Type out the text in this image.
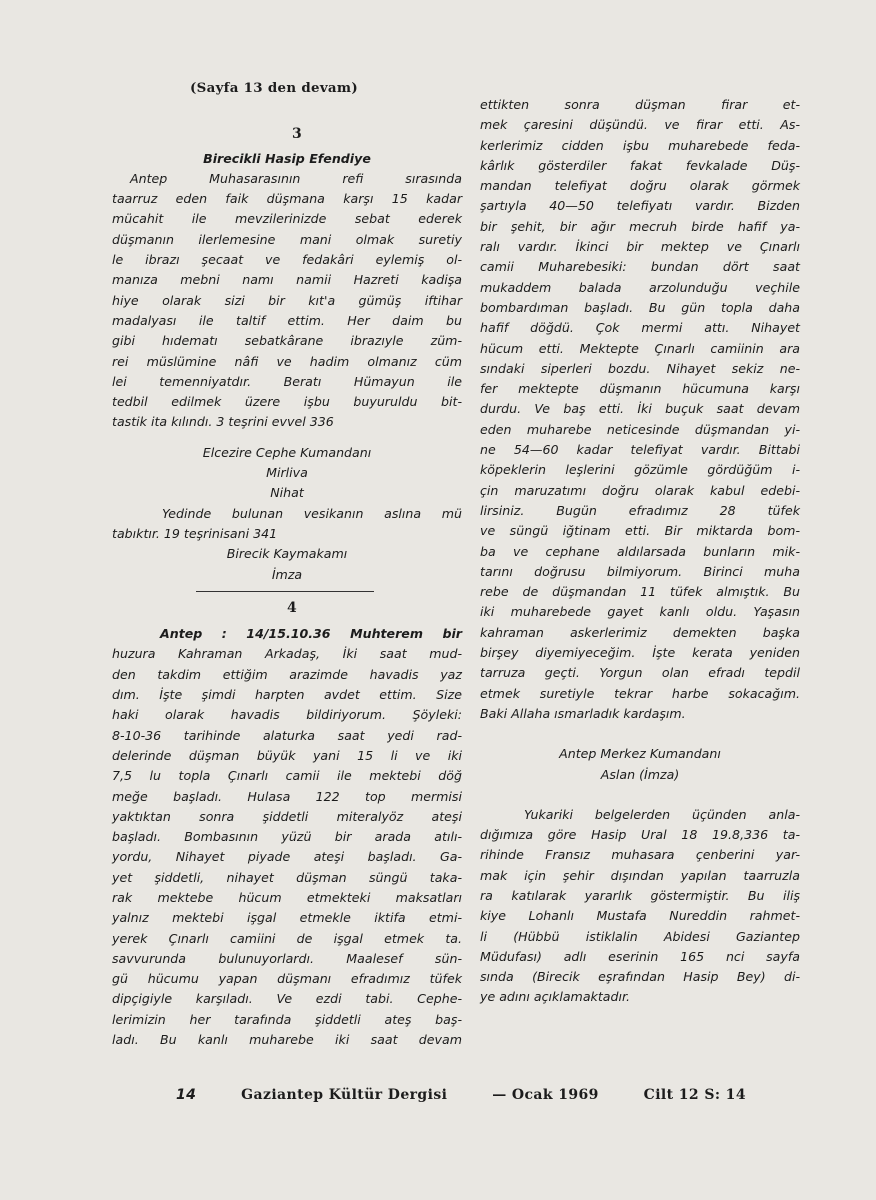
(Sayfa 13 den devam)
3
Birecikli Hasip Efendiye
Antep Muhasarasının refi sırasında
taarruz eden faik düşmana karşı 15 kadar
mücahit ile mevzilerinizde sebat ederek
düşmanın ilerlemesine mani olmak suretiy
le ibrazı şecaat ve fedakâri eylemiş ol-
manıza mebni namı namii Hazreti kadişa
hiye olarak sizi bir kıt'a gümüş iftihar
madalyası ile taltif ettim. Her daim bu
gibi hıdematı sebatkârane ibrazıyle züm-
rei müslümine nâfi ve hadim olmanız cüm
lei temenniyatdır. Beratı Hümayun ile
tedbil edilmek üzere işbu buyuruldu bit-
tastik ita kılındı. 3 teşrini evvel 336
Elcezire Cephe Kumandanı
Mirliva
Nihat
Yedinde bulunan vesikanın aslına mü
tabıktır. 19 teşrinisani 341
Birecik Kaymakamı
İmza
4
Antep : 14/15.10.36 Muhterem bir
huzura Kahraman Arkadaş, İki saat mud-
den takdim ettiğim arazimde havadis yaz
dım. İşte şimdi harpten avdet ettim. Size
haki olarak havadis bildiriyorum. Şöyleki:
8-10-36 tarihinde alaturka saat yedi rad-
delerinde düşman büyük yani 15 li ve iki
7,5 lu topla Çınarlı camii ile mektebi döğ
meğe başladı. Hulasa 122 top mermisi
yaktıktan sonra şiddetli miteralyöz ateşi
başladı. Bombasının yüzü bir arada atılı-
yordu, Nihayet piyade ateşi başladı. Ga-
yet şiddetli, nihayet düşman süngü taka-
rak mektebe hücum etmekteki maksatları
yalnız mektebi işgal etmekle iktifa etmi-
yerek Çınarlı camiini de işgal etmek ta.
savvurunda bulunuyorlardı. Maalesef sün-
gü hücumu yapan düşmanı efradımız tüfek
dipçigiyle karşıladı. Ve ezdi tabi. Cephe-
lerimizin her tarafında şiddetli ateş baş-
ladı. Bu kanlı muharebe iki saat devam
ettikten sonra düşman firar et-
mek çaresini düşündü. ve firar etti. As-
kerlerimiz cidden işbu muharebede feda-
kârlık gösterdiler fakat fevkalade Düş-
mandan telefiyat doğru olarak görmek
şartıyla 40—50 telefiyatı vardır. Bizden
bir şehit, bir ağır mecruh birde hafif ya-
ralı vardır. İkinci bir mektep ve Çınarlı
camii Muharebesiki: bundan dört saat
mukaddem balada arzolunduğu veçhile
bombardıman başladı. Bu gün topla daha
hafif döğdü. Çok mermi attı. Nihayet
hücum etti. Mektepte Çınarlı camiinin ara
sındaki siperleri bozdu. Nihayet sekiz ne-
fer mektepte düşmanın hücumuna karşı
durdu. Ve baş etti. İki buçuk saat devam
eden muharebe neticesinde düşmandan yi-
ne 54—60 kadar telefiyat vardır. Bittabi
köpeklerin leşlerini gözümle gördüğüm i-
çin maruzatımı doğru olarak kabul edebi-
lirsiniz. Bugün efradımız 28 tüfek
ve süngü iğtinam etti. Bir miktarda bom-
ba ve cephane aldılarsada bunların mik-
tarını doğrusu bilmiyorum. Birinci muha
rebe de düşmandan 11 tüfek almıştık. Bu
iki muharebede gayet kanlı oldu. Yaşasın
kahraman askerlerimiz demekten başka
birşey diyemiyeceğim. İşte kerata yeniden
tarruza geçti. Yorgun olan efradı tepdil
etmek suretiyle tekrar harbe sokacağım.
Baki Allaha ısmarladık kardaşım.
Antep Merkez Kumandanı
Aslan (İmza)
Yukariki belgelerden üçünden anla-
dığımıza göre Hasip Ural 18 19.8,336 ta-
rihinde Fransız muhasara çenberini yar-
mak için şehir dışından yapılan taarruzla
ra katılarak yararlık göstermiştir. Bu iliş
kiye Lohanlı Mustafa Nureddin rahmet-
li (Hübbü istiklalin Abidesi Gaziantep
Müdufası) adlı eserinin 165 nci sayfa
sında (Birecik eşrafından Hasip Bey) di-
ye adını açıklamaktadır.
14	Gaziantep Kültür Dergisi	— Ocak 1969	Cilt 12 S: 14
